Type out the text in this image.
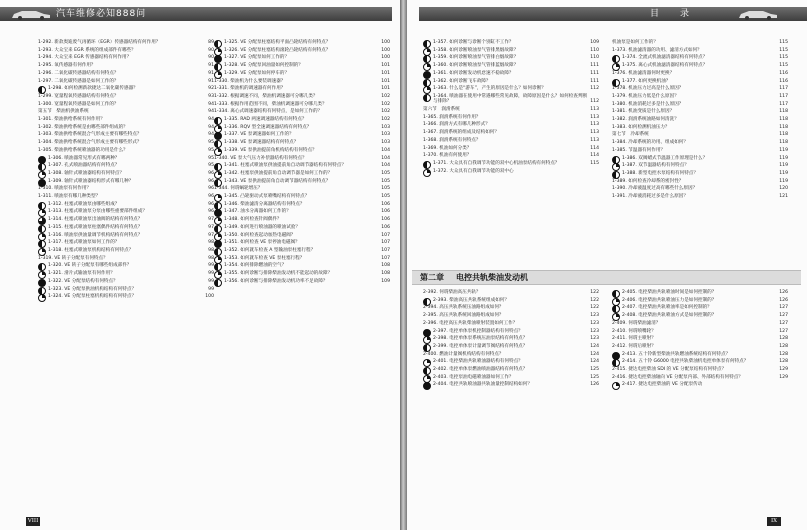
汽车维修必知888问
1-292. 新款奥迪废气再循环（EGR）传感器结构有何作用？	89
1-293. 大众宝来 EGR 系统的组成部件有哪些？	90
1-294. 大众宝来 EGR 传感器结构有何作用？	90
1-295. 氧传感器有何作用？	91
1-296. 二氧化碳传感器结构有何特点？	91
1-297. 二氧化碳传感器是如何工作的？	91
1-298. 如何检测新款捷达二氧化碳传感器？	92
1-299. 宽量程氧传感器结构有何特点？	93
1-300. 宽量程氧传感器是如何工作的？	94
第五节　柴油机供油系统	94
1-301. 柴油供给系统有何作用？	94
1-302. 柴油供给系统是由哪些部件组成的？	94
1-303. 柴油供给系统混合气形成主要有哪些特点？	94
1-304. 柴油供给系统混合气形成主要有哪些形式？	95
1-305. 柴油供给系统喷油器的功用是什么？	95
1-306. 喷油器常见形式有哪两种？	95
1-307. 孔式喷油器结构有何特点？	95
1-308. 轴针式喷油器结构有何特点？	96
1-309. 轴针式喷油器结构形式有哪几种？	96
1-310. 喷油泵有何作用？	96
1-311. 喷油泵有哪几种类型？	96
1-312. 柱塞式喷油泵由哪些组成？	96
1-313. 柱塞式喷油泵分泵由哪些重要部件组成？	96
1-314. 柱塞式喷油泵出油阀的结构有何特点？	97
1-315. 柱塞式喷油泵柱塞偶件结构有何特点？	97
1-316. 喷油泵供油量调节机构结构有何特点？	97
1-317. 柱塞式喷油泵如何工作的？	98
1-318. 柱塞式喷油泵机构结构有何特点？	98
1-319. VE 转子分配泵有何特点？	98
1-320. VE 转子分配泵有哪些组成部件？	99
1-321. 滑片式输油泵有何作用？	99
1-322. VE 分配泵结构有何特点？	99
1-323. VE 分配泵供油机构结构有何特点？	99
1-324. VE 分配泵柱塞机构结构有何特点？	100
1-325. VE 分配泵柱塞结构平面凸轮结构有何特点？	100
1-326. VE 分配泵柱塞结构滚轮凸轮结构有何特点？	100
1-327. VE 分配泵如何工作的？	100
1-328. VE 分配泵回油量如何控制的？	101
1-329. VE 分配泵如何停车的？	101
1-330. 柴油机为什么要装调速器？	101
1-331. 柴油机的调速器有何作用？	101
1-332. 根据调速不同，柴油机调速器可分哪几类？	102
1-333. 根据作用范围不同，柴油机调速器可分哪几类？	102
1-334. 离心式调速器结构有何特点，是如何工作的？	102
1-335. RAD 两速调速器结构有何特点？	102
1-336. RQV 型全速调速器结构有何特点？	103
1-337. VE 泵调速器如何工作的？	103
1-338. VE 泵调速器结构有何特点？	103
1-339. VE 泵供油提前角机构结构有何特点？	104
1-340. VE 泵大气压力补偿器结构有何特点？	104
1-341. 柱塞式喷油泵供油提前角自动调节器结构有何特点？	104
1-342. 柱塞泵供油提前角自动调节器是如何工作的？	105
1-343. VE 泵供油提前角自动调节器结构有何特点？	105
1-344. 何谓蜗轮增压？	105
1-345. 凸轮驱动式泵喷嘴结构有何特点？	105
1-346. 柴油滤清分离器结构有何特点？	106
1-347. 油水分离器如何工作的？	106
1-348. 如何检查针阀偶件？	106
1-349. 如何进行喷油器的喷油试验？	106
1-350. 如何检查起动加热电磁阀？	107
1-351. 如何检查 VE 泵停油电磁阀？	107
1-352. 如何就车检查 A 型输油泵柱塞行程？	107
1-353. 如何就车检查 VE 泵柱塞行程？	107
1-354. 如何排除燃油的空气？	108
1-355. 如何诊断与排除柴油发动机不能起动的故障？	108
1-356. 如何诊断与排除柴油发动机功率不足故障？	109
VIII
目　录
1-357. 如何诊断与诊断个别缸不工作？	109
1-358. 如何诊断喷油泵气管排黑烟故障？	110
1-359. 如何诊断喷油泵气管排白烟故障？	110
1-360. 如何诊断喷油泵气管排蓝烟故障？	111
1-361. 如何诊断发动机怠速不稳故障？	111
1-362. 如何诊断飞车故障？	111
1-363. 什么是“游车”，产生的原因是什么？如何诊断？	112
1-364. 喷油器在使用中常遇哪些常见故障，故障原因是什么？如何检查判断与排除？	112
第六节　润滑系统	113
1-365. 润滑系统有何作用？	113
1-366. 润滑方式有哪几种形式？	113
1-367. 润滑系统的组成及结构如何？	113
1-368. 润滑系统有何特点？	113
1-369. 机油如何分类？	114
1-370. 机油有何使用？	114
1-371. 大众具有自我调节功能的双中心机油泵结构有何特点？	115
1-372. 大众具有自我调节功能的双中心
机油泵是如何工作的？	115
1-373. 机油滤清器的功用、滤清方式如何？	115
1-374. 全流式机油滤清器结构有何特点？	115
1-375. 离心式机油滤清器结构有何特点？	115
1-376. 机油滤清器何时更换？	116
1-377. 如何更换机油？	116
1-378. 机油压力过高是什么原因？	117
1-379. 机油压力低是什么原因？	117
1-380. 机油消耗过多是什么原因？	117
1-381. 机油变质是什么原因？	118
1-382. 润滑系统油路如何清洗？	118
1-383. 如何检测机油压力？	118
第七节　冷却系统	118
1-384. 冷却系统的功用、组成如何？	118
1-385. 节温器有何作用？	119
1-386. 双阀蜡式节温器工作原理是什么？	119
1-387. 双节温器结构有何特点？	119
1-388. 新型电控水泵结构有何特点？	119
1-389. 如何检查冷却系的密封性？	119
1-390. 冷却液温度过高有哪些什么原因？	120
1-391. 冷却液消耗过多是什么原因？	121
第二章 电控共轨柴油发动机
2-392. 何谓柴油高压共轨？	122
2-393. 柴油高压共轨系统组成如何？	122
2-394. 高压共轨系统压油路组成如何？	122
2-395. 高压共轨系统回油路组成如何？	123
2-396. 电控高压共轨柴油喷射装置如何工作？	123
2-397. 电控单体泵机控制器结构有何特点？	123
2-398. 电控单体泵系统压油泵结构有何特点？	123
2-399. 电控单体泵计量调节阀结构有何特点？	124
2-400. 燃油计量阀机构结构有何特点？	124
2-401. 电控柴油共轨喷油器结构有何特点？	124
2-402. 电控单体泵燃油喷油器结构有何特点？	125
2-403. 电控泵油电磁喷油器如何工作？	125
2-404. 电控共轨喷油器共轨油量控制结构如何？	126
2-405. 电控柴油共轨喷油时间是如何控制的？	126
2-406. 电控柴油共轨喷油压力是如何控制的？	126
2-407. 电控柴油共轨喷油率是如何控制的？	127
2-408. 电控柴油共轨喷油方式是如何控制的？	127
2-409. 何谓柴油滤清？	127
2-410. 何谓喷嘴轮？	127
2-411. 何谓主喷射？	128
2-412. 何谓后喷射？	128
2-413. 五十铃新型柴油共轨燃油系统结构有何特点？	128
2-414. 五十铃 G6000 电控共轨柴油机电控单体泵有何特点？	128
2-415. 捷达电控柴油 SDI 的 VE 分配泵结构有何特点？	129
2-416. 捷达电控柴油轴向 VE 分配泵内部、外部结构有何特点？	129
2-417. 捷达电控柴油的 VE 分配泵传动
IX
